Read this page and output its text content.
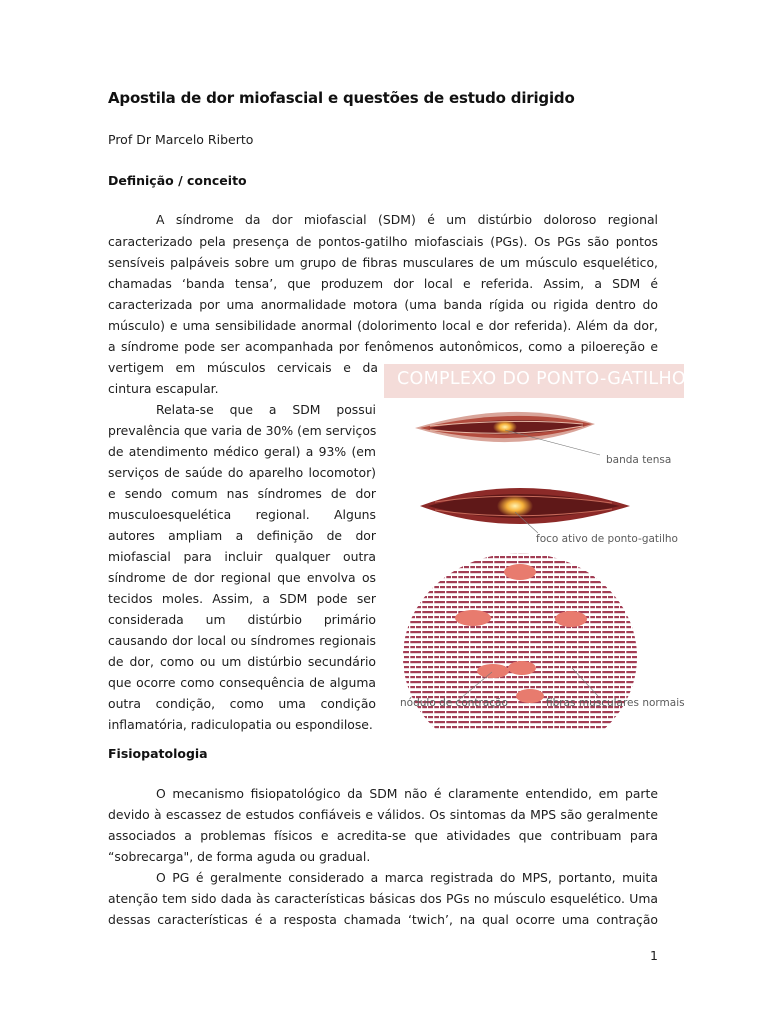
Apostila de dor miofascial e questões de estudo dirigido
Prof Dr Marcelo Riberto
Definição / conceito
A síndrome da dor miofascial (SDM) é um distúrbio doloroso regional
caracterizado pela presença de pontos-gatilho miofasciais (PGs). Os PGs são pontos
sensíveis palpáveis sobre um grupo de fibras musculares de um músculo esquelético,
chamadas ‘banda tensa’, que produzem dor local e referida. Assim, a SDM é
caracterizada por uma anormalidade motora (uma banda rígida ou rigida dentro do
músculo) e uma sensibilidade anormal (dolorimento local e dor referida). Além da dor,
a síndrome pode ser acompanhada por fenômenos autonômicos, como a piloereção e
vertigem em músculos cervicais e da
cintura escapular.
Relata-se que a SDM possui
prevalência que varia de 30% (em serviços
de atendimento médico geral) a 93% (em
serviços de saúde do aparelho locomotor)
e sendo comum nas síndromes de dor
musculoesquelética regional. Alguns
autores ampliam a definição de dor
miofascial para incluir qualquer outra
síndrome de dor regional que envolva os
tecidos moles. Assim, a SDM pode ser
considerada um distúrbio primário
causando dor local ou síndromes regionais
de dor, como ou um distúrbio secundário
que ocorre como consequência de alguma
outra condição, como uma condição
inflamatória, radiculopatia ou espondilose.
COMPLEXO DO PONTO-GATILHO
banda tensa
foco ativo de ponto-gatilho
nódulo de contração	fibras musculares normais
Fisiopatologia
O mecanismo fisiopatológico da SDM não é claramente entendido, em parte
devido à escassez de estudos confiáveis e válidos. Os sintomas da MPS são geralmente
associados a problemas físicos e acredita-se que atividades que contribuam para
“sobrecarga", de forma aguda ou gradual.
O PG é geralmente considerado a marca registrada do MPS, portanto, muita
atenção tem sido dada às características básicas dos PGs no músculo esquelético. Uma
dessas características é a resposta chamada ‘twich’, na qual ocorre uma contração
1
